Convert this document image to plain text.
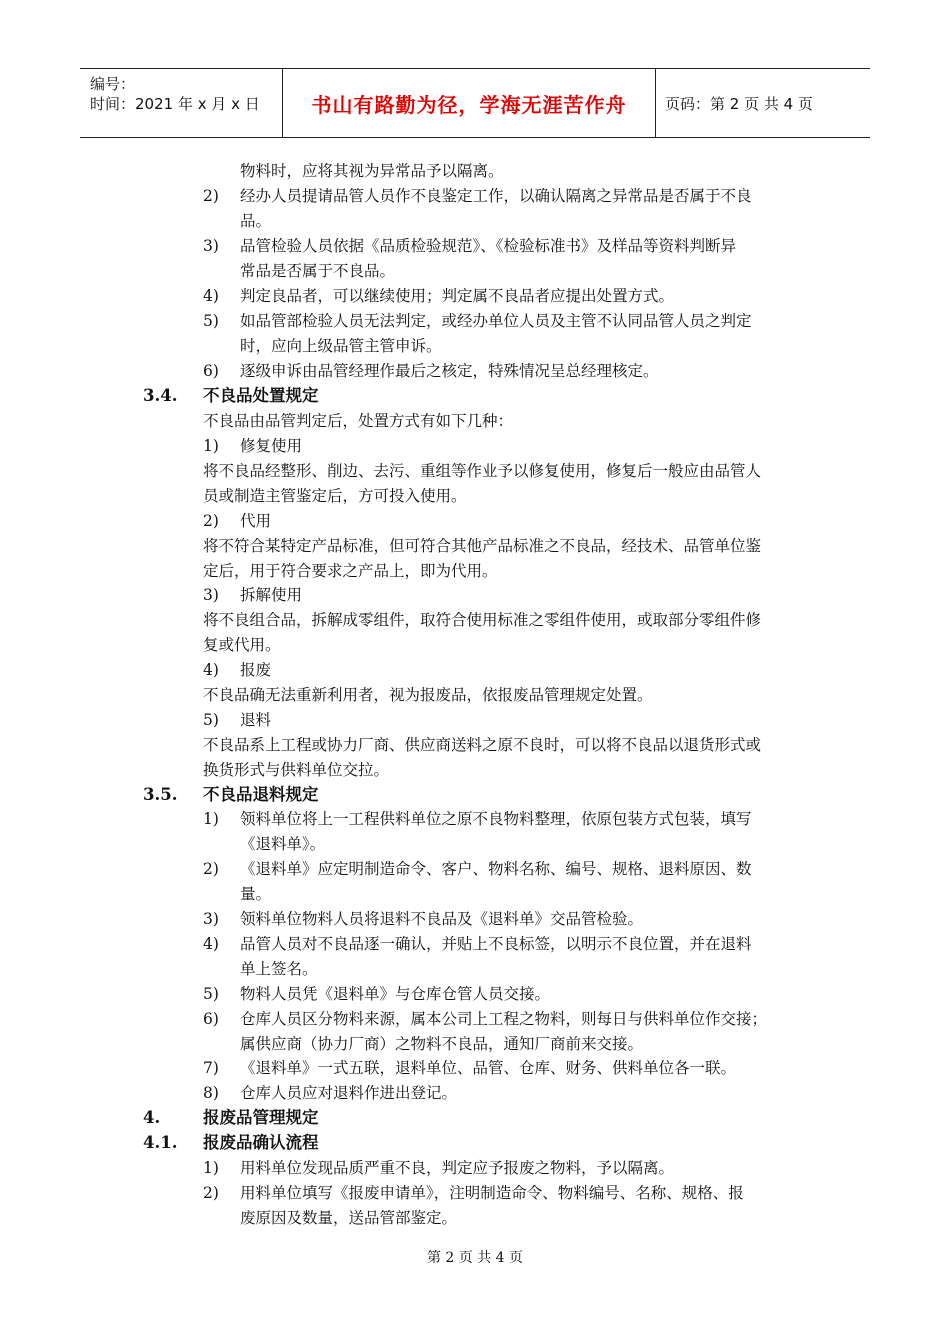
编号：
时间：2021 年 x 月 x 日	书山有路勤为径，学海无涯苦作舟	页码：第 2 页 共 4 页
物料时，应将其视为异常品予以隔离。
2) 经办人员提请品管人员作不良鉴定工作，以确认隔离之异常品是否属于不良
品。
3) 品管检验人员依据《品质检验规范》、《检验标准书》及样品等资料判断异
常品是否属于不良品。
4) 判定良品者，可以继续使用；判定属不良品者应提出处置方式。
5) 如品管部检验人员无法判定，或经办单位人员及主管不认同品管人员之判定
时，应向上级品管主管申诉。
6) 逐级申诉由品管经理作最后之核定，特殊情况呈总经理核定。
3.4. 不良品处置规定
不良品由品管判定后，处置方式有如下几种：
1) 修复使用
将不良品经整形、削边、去污、重组等作业予以修复使用，修复后一般应由品管人
员或制造主管鉴定后，方可投入使用。
2) 代用
将不符合某特定产品标准，但可符合其他产品标准之不良品，经技术、品管单位鉴
定后，用于符合要求之产品上，即为代用。
3) 拆解使用
将不良组合品，拆解成零组件，取符合使用标准之零组件使用，或取部分零组件修
复或代用。
4) 报废
不良品确无法重新利用者，视为报废品，依报废品管理规定处置。
5) 退料
不良品系上工程或协力厂商、供应商送料之原不良时，可以将不良品以退货形式或
换货形式与供料单位交拉。
3.5. 不良品退料规定
1) 领料单位将上一工程供料单位之原不良物料整理，依原包装方式包装，填写
《退料单》。
2) 《退料单》应定明制造命令、客户、物料名称、编号、规格、退料原因、数
量。
3) 领料单位物料人员将退料不良品及《退料单》交品管检验。
4) 品管人员对不良品逐一确认，并贴上不良标签，以明示不良位置，并在退料
单上签名。
5) 物料人员凭《退料单》与仓库仓管人员交接。
6) 仓库人员区分物料来源，属本公司上工程之物料，则每日与供料单位作交接；
属供应商（协力厂商）之物料不良品，通知厂商前来交接。
7) 《退料单》一式五联，退料单位、品管、仓库、财务、供料单位各一联。
8) 仓库人员应对退料作进出登记。
4.	报废品管理规定
4.1. 报废品确认流程
1) 用料单位发现品质严重不良，判定应予报废之物料，予以隔离。
2) 用料单位填写《报废申请单》，注明制造命令、物料编号、名称、规格、报
废原因及数量，送品管部鉴定。
第 2 页 共 4 页
